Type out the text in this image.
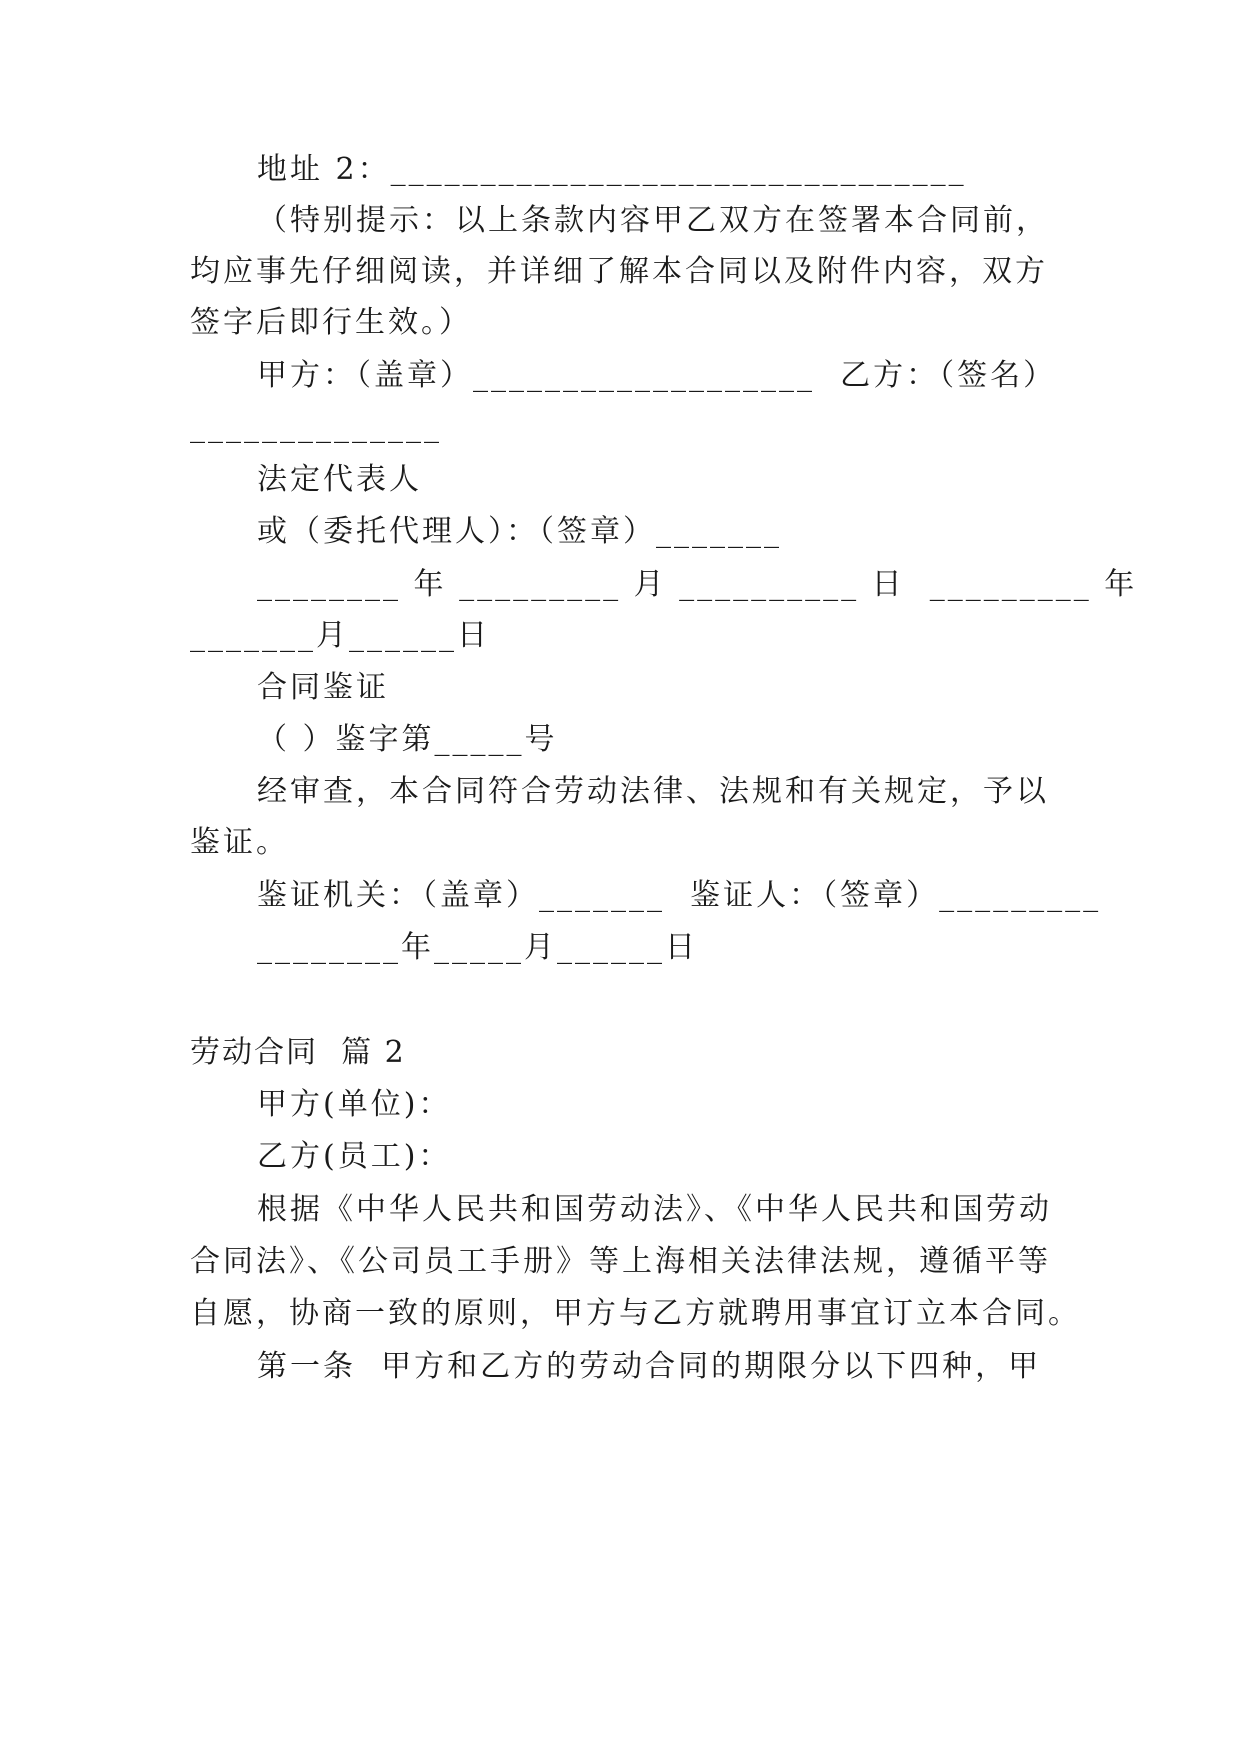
地址 2：________________________________
（特别提示：以上条款内容甲乙双方在签署本合同前，
均应事先仔细阅读，并详细了解本合同以及附件内容，双方
签字后即行生效。）
甲方：（盖章）___________________  乙方：（签名）
______________
法定代表人
或（委托代理人）：（签章）_______
________ 年 _________ 月 __________ 日  _________ 年
_______月______日
合同鉴证
（ ）鉴字第_____号
经审查，本合同符合劳动法律、法规和有关规定，予以
鉴证。
鉴证机关：（盖章）_______  鉴证人：（签章）_________
________年_____月______日
劳动合同  篇 2
甲方(单位)：
乙方(员工)：
根据《中华人民共和国劳动法》、《中华人民共和国劳动
合同法》、《公司员工手册》等上海相关法律法规，遵循平等
自愿，协商一致的原则，甲方与乙方就聘用事宜订立本合同。
第一条  甲方和乙方的劳动合同的期限分以下四种，甲
